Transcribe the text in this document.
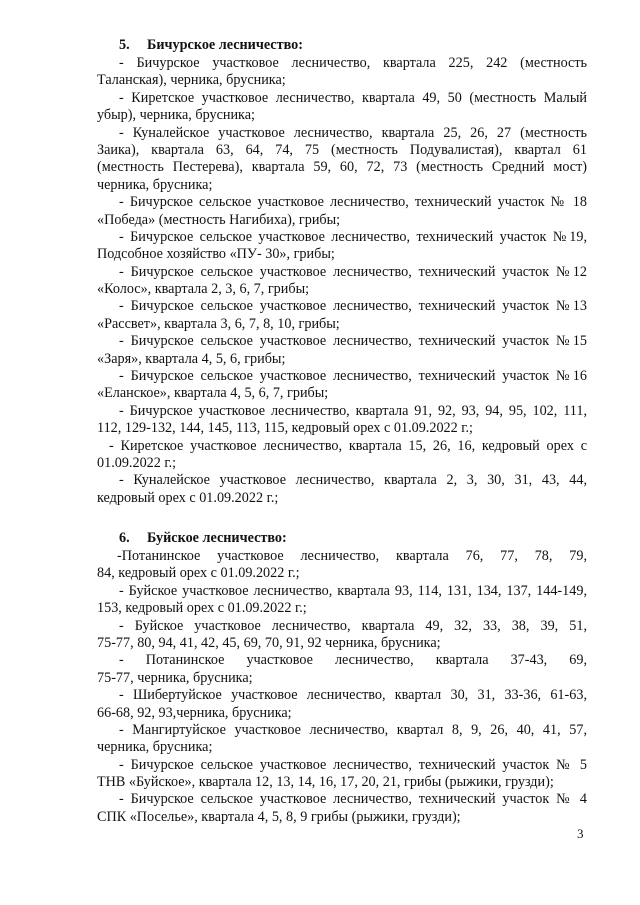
5. Бичурское лесничество:
- Бичурское участковое лесничество, квартала 225, 242 (местность
Таланская), черника, брусника;
- Киретское участковое лесничество, квартала 49, 50 (местность Малый
убыр), черника, брусника;
- Куналейское участковое лесничество, квартала 25, 26, 27 (местность
Заика), квартала 63, 64, 74, 75 (местность Подувалистая), квартал 61
(местность Пестерева), квартала 59, 60, 72, 73 (местность Средний мост)
черника, брусника;
- Бичурское сельское участковое лесничество, технический участок № 18
«Победа» (местность Нагибиха), грибы;
- Бичурское сельское участковое лесничество, технический участок №19,
Подсобное хозяйство «ПУ- 30», грибы;
- Бичурское сельское участковое лесничество, технический участок №12
«Колос», квартала 2, 3, 6, 7, грибы;
- Бичурское сельское участковое лесничество, технический участок №13
«Рассвет», квартала 3, 6, 7, 8, 10, грибы;
- Бичурское сельское участковое лесничество, технический участок №15
«Заря», квартала 4, 5, 6, грибы;
- Бичурское сельское участковое лесничество, технический участок №16
«Еланское», квартала 4, 5, 6, 7, грибы;
- Бичурское участковое лесничество, квартала 91, 92, 93, 94, 95, 102, 111,
112, 129-132, 144, 145, 113, 115, кедровый орех с 01.09.2022 г.;
- Киретское участковое лесничество, квартала 15, 26, 16, кедровый орех с
01.09.2022 г.;
- Куналейское участковое лесничество, квартала 2, 3, 30, 31, 43, 44,
кедровый орех с 01.09.2022 г.;
6. Буйское лесничество:
-Потанинское участковое лесничество, квартала 76, 77, 78, 79,
84, кедровый орех с 01.09.2022 г.;
- Буйское участковое лесничество, квартала 93, 114, 131, 134, 137, 144-149,
153, кедровый орех с 01.09.2022 г.;
- Буйское участковое лесничество, квартала 49, 32, 33, 38, 39, 51,
75-77, 80, 94, 41, 42, 45, 69, 70, 91, 92 черника, брусника;
- Потанинское участковое лесничество, квартала 37-43, 69,
75-77, черника, брусника;
- Шибертуйское участковое лесничество, квартал 30, 31, 33-36, 61-63,
66-68, 92, 93,черника, брусника;
- Мангиртуйское участковое лесничество, квартал 8, 9, 26, 40, 41, 57,
черника, брусника;
- Бичурское сельское участковое лесничество, технический участок № 5
ТНВ «Буйское», квартала 12, 13, 14, 16, 17, 20, 21, грибы (рыжики, грузди);
- Бичурское сельское участковое лесничество, технический участок № 4
СПК «Поселье», квартала 4, 5, 8, 9 грибы (рыжики, грузди);
3
